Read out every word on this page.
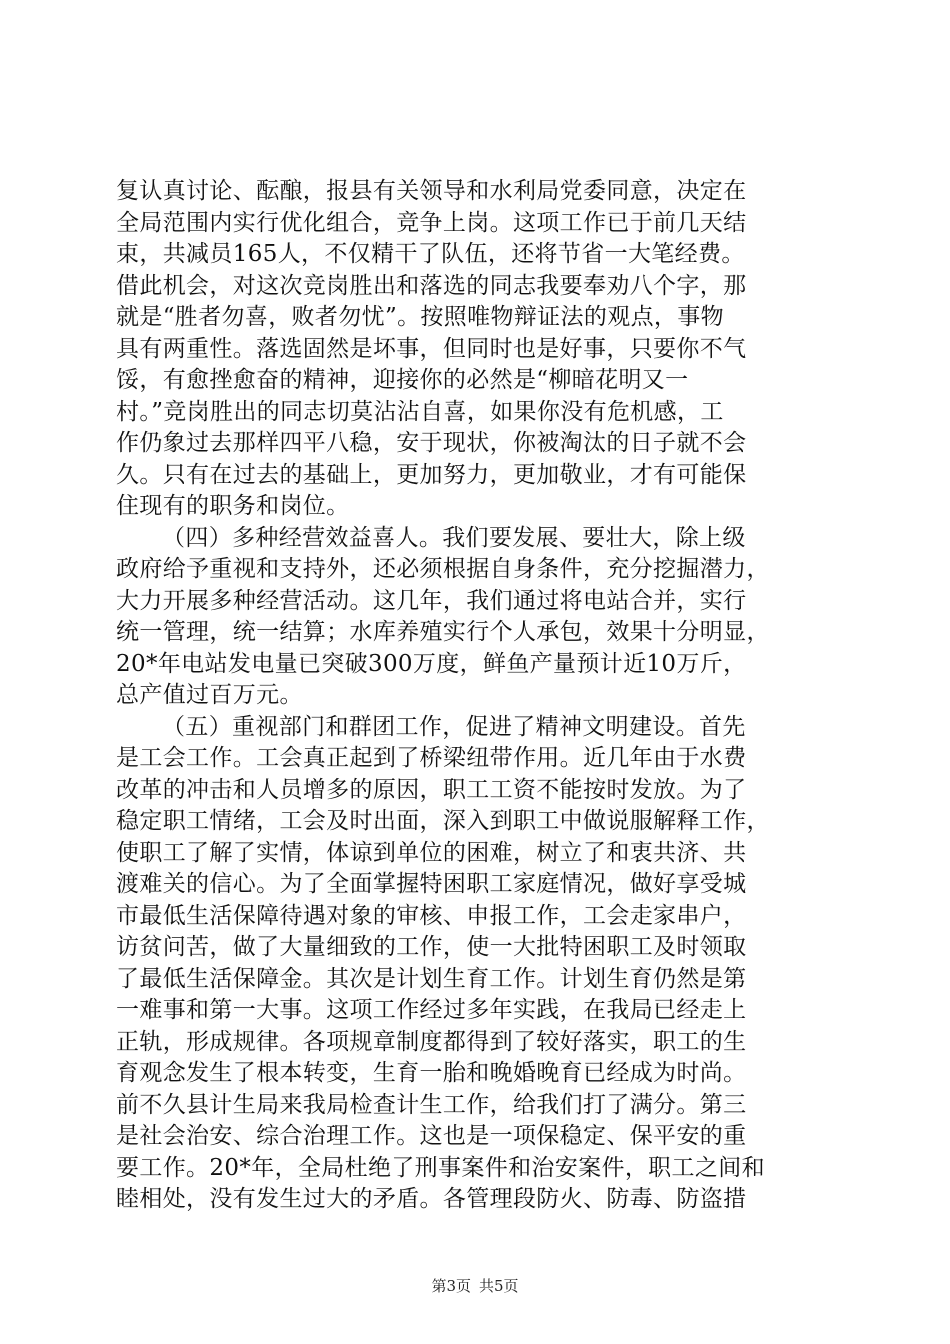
复认真讨论、酝酿，报县有关领导和水利局党委同意，决定在
全局范围内实行优化组合，竞争上岗。这项工作已于前几天结
束，共减员165人，不仅精干了队伍，还将节省一大笔经费。
借此机会，对这次竞岗胜出和落选的同志我要奉劝八个字，那
就是“胜者勿喜，败者勿忧”。按照唯物辩证法的观点，事物
具有两重性。落选固然是坏事，但同时也是好事，只要你不气
馁，有愈挫愈奋的精神，迎接你的必然是“柳暗花明又一
村。”竞岗胜出的同志切莫沾沾自喜，如果你没有危机感，工
作仍象过去那样四平八稳，安于现状，你被淘汰的日子就不会
久。只有在过去的基础上，更加努力，更加敬业，才有可能保
住现有的职务和岗位。
（四）多种经营效益喜人。我们要发展、要壮大，除上级
政府给予重视和支持外，还必须根据自身条件，充分挖掘潜力，
大力开展多种经营活动。这几年，我们通过将电站合并，实行
统一管理，统一结算；水库养殖实行个人承包，效果十分明显，
20*年电站发电量已突破300万度，鲜鱼产量预计近10万斤，
总产值过百万元。
（五）重视部门和群团工作，促进了精神文明建设。首先
是工会工作。工会真正起到了桥梁纽带作用。近几年由于水费
改革的冲击和人员增多的原因，职工工资不能按时发放。为了
稳定职工情绪，工会及时出面，深入到职工中做说服解释工作，
使职工了解了实情，体谅到单位的困难，树立了和衷共济、共
渡难关的信心。为了全面掌握特困职工家庭情况，做好享受城
市最低生活保障待遇对象的审核、申报工作，工会走家串户，
访贫问苦，做了大量细致的工作，使一大批特困职工及时领取
了最低生活保障金。其次是计划生育工作。计划生育仍然是第
一难事和第一大事。这项工作经过多年实践，在我局已经走上
正轨，形成规律。各项规章制度都得到了较好落实，职工的生
育观念发生了根本转变，生育一胎和晚婚晚育已经成为时尚。
前不久县计生局来我局检查计生工作，给我们打了满分。第三
是社会治安、综合治理工作。这也是一项保稳定、保平安的重
要工作。20*年，全局杜绝了刑事案件和治安案件，职工之间和
睦相处，没有发生过大的矛盾。各管理段防火、防毒、防盗措
第3页 共5页
